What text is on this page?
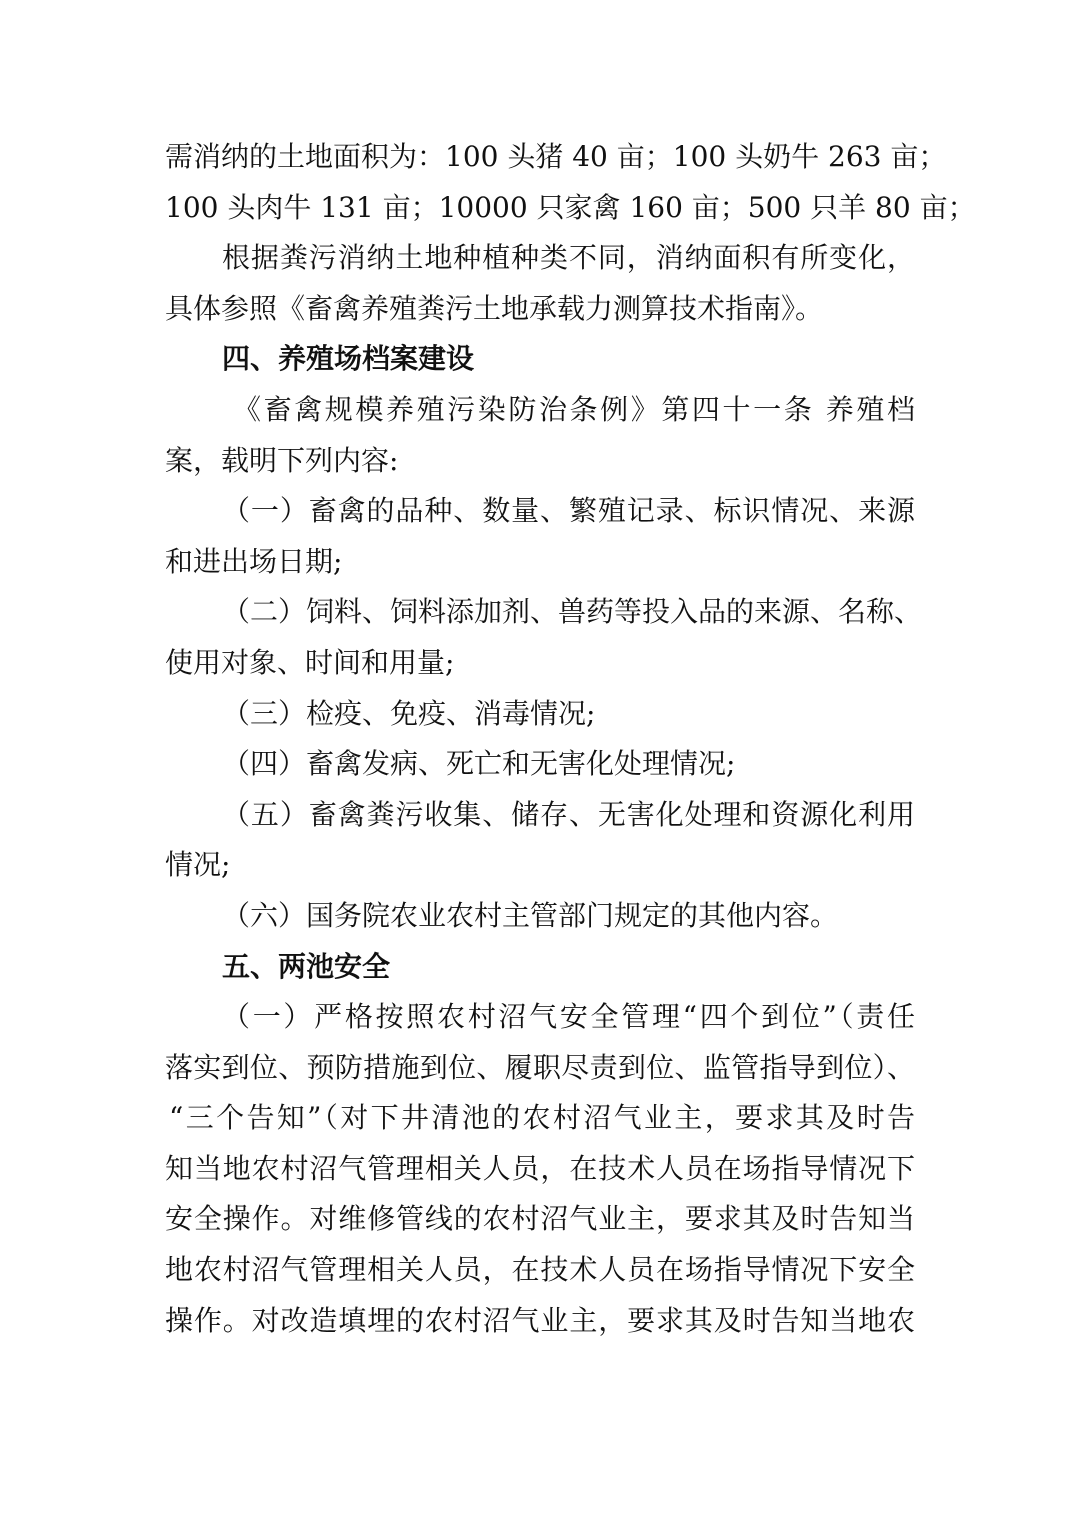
需消纳的土地面积为：100 头猪 40 亩；100 头奶牛 263 亩；
100 头肉牛 131 亩；10000 只家禽 160 亩；500 只羊 80 亩；
根据粪污消纳土地种植种类不同，消纳面积有所变化，
具体参照《畜禽养殖粪污土地承载力测算技术指南》。
四、养殖场档案建设
《畜禽规模养殖污染防治条例》第四十一条 养殖档
案，载明下列内容:
（一）畜禽的品种、数量、繁殖记录、标识情况、来源
和进出场日期;
（二）饲料、饲料添加剂、兽药等投入品的来源、名称、
使用对象、时间和用量;
（三）检疫、免疫、消毒情况;
（四）畜禽发病、死亡和无害化处理情况;
（五）畜禽粪污收集、储存、无害化处理和资源化利用
情况;
（六）国务院农业农村主管部门规定的其他内容。
五、两池安全
（一）严格按照农村沼气安全管理“四个到位”（责任
落实到位、预防措施到位、履职尽责到位、监管指导到位）、
“三个告知”（对下井清池的农村沼气业主，要求其及时告
知当地农村沼气管理相关人员，在技术人员在场指导情况下
安全操作。对维修管线的农村沼气业主，要求其及时告知当
地农村沼气管理相关人员，在技术人员在场指导情况下安全
操作。对改造填埋的农村沼气业主，要求其及时告知当地农
